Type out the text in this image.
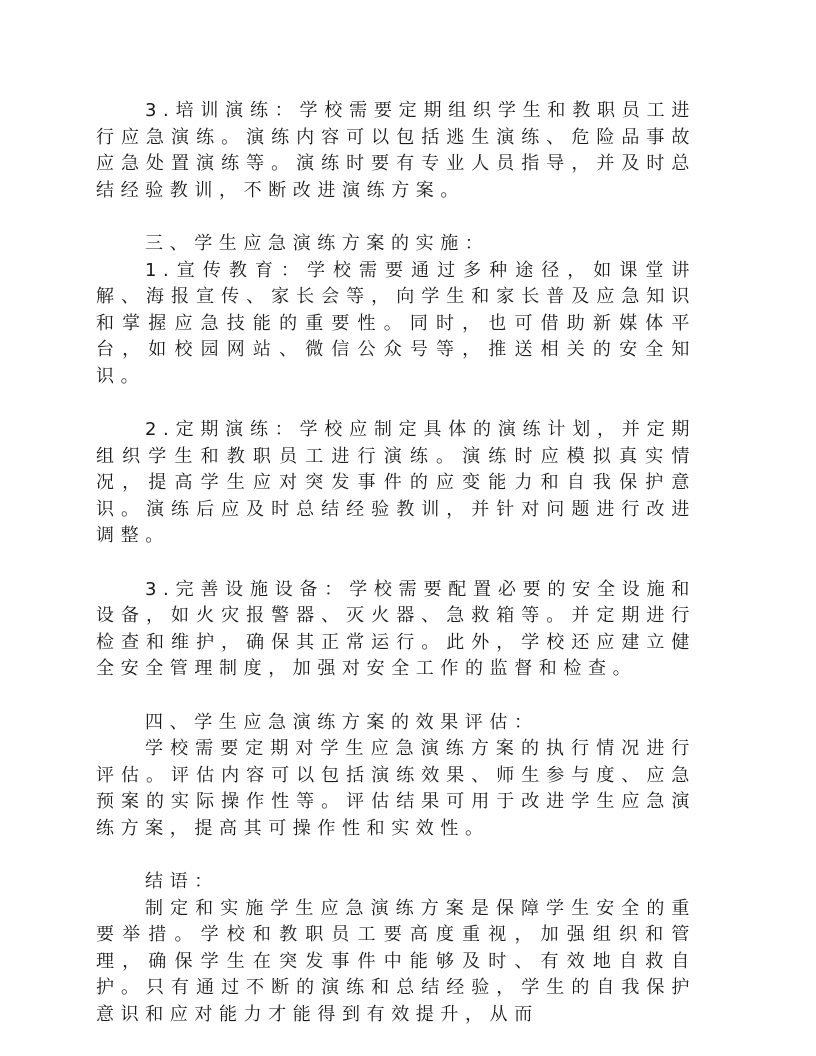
3.培训演练：学校需要定期组织学生和教职员工进行应急演练。演练内容可以包括逃生演练、危险品事故应急处置演练等。演练时要有专业人员指导，并及时总结经验教训，不断改进演练方案。

三、学生应急演练方案的实施：

1.宣传教育：学校需要通过多种途径，如课堂讲解、海报宣传、家长会等，向学生和家长普及应急知识和掌握应急技能的重要性。同时，也可借助新媒体平台，如校园网站、微信公众号等，推送相关的安全知识。

2.定期演练：学校应制定具体的演练计划，并定期组织学生和教职员工进行演练。演练时应模拟真实情况，提高学生应对突发事件的应变能力和自我保护意识。演练后应及时总结经验教训，并针对问题进行改进调整。

3.完善设施设备：学校需要配置必要的安全设施和设备，如火灾报警器、灭火器、急救箱等。并定期进行检查和维护，确保其正常运行。此外，学校还应建立健全安全管理制度，加强对安全工作的监督和检查。

四、学生应急演练方案的效果评估：

学校需要定期对学生应急演练方案的执行情况进行评估。评估内容可以包括演练效果、师生参与度、应急预案的实际操作性等。评估结果可用于改进学生应急演练方案，提高其可操作性和实效性。

结语：

制定和实施学生应急演练方案是保障学生安全的重要举措。学校和教职员工要高度重视，加强组织和管理，确保学生在突发事件中能够及时、有效地自救自护。只有通过不断的演练和总结经验，学生的自我保护意识和应对能力才能得到有效提升，从而
